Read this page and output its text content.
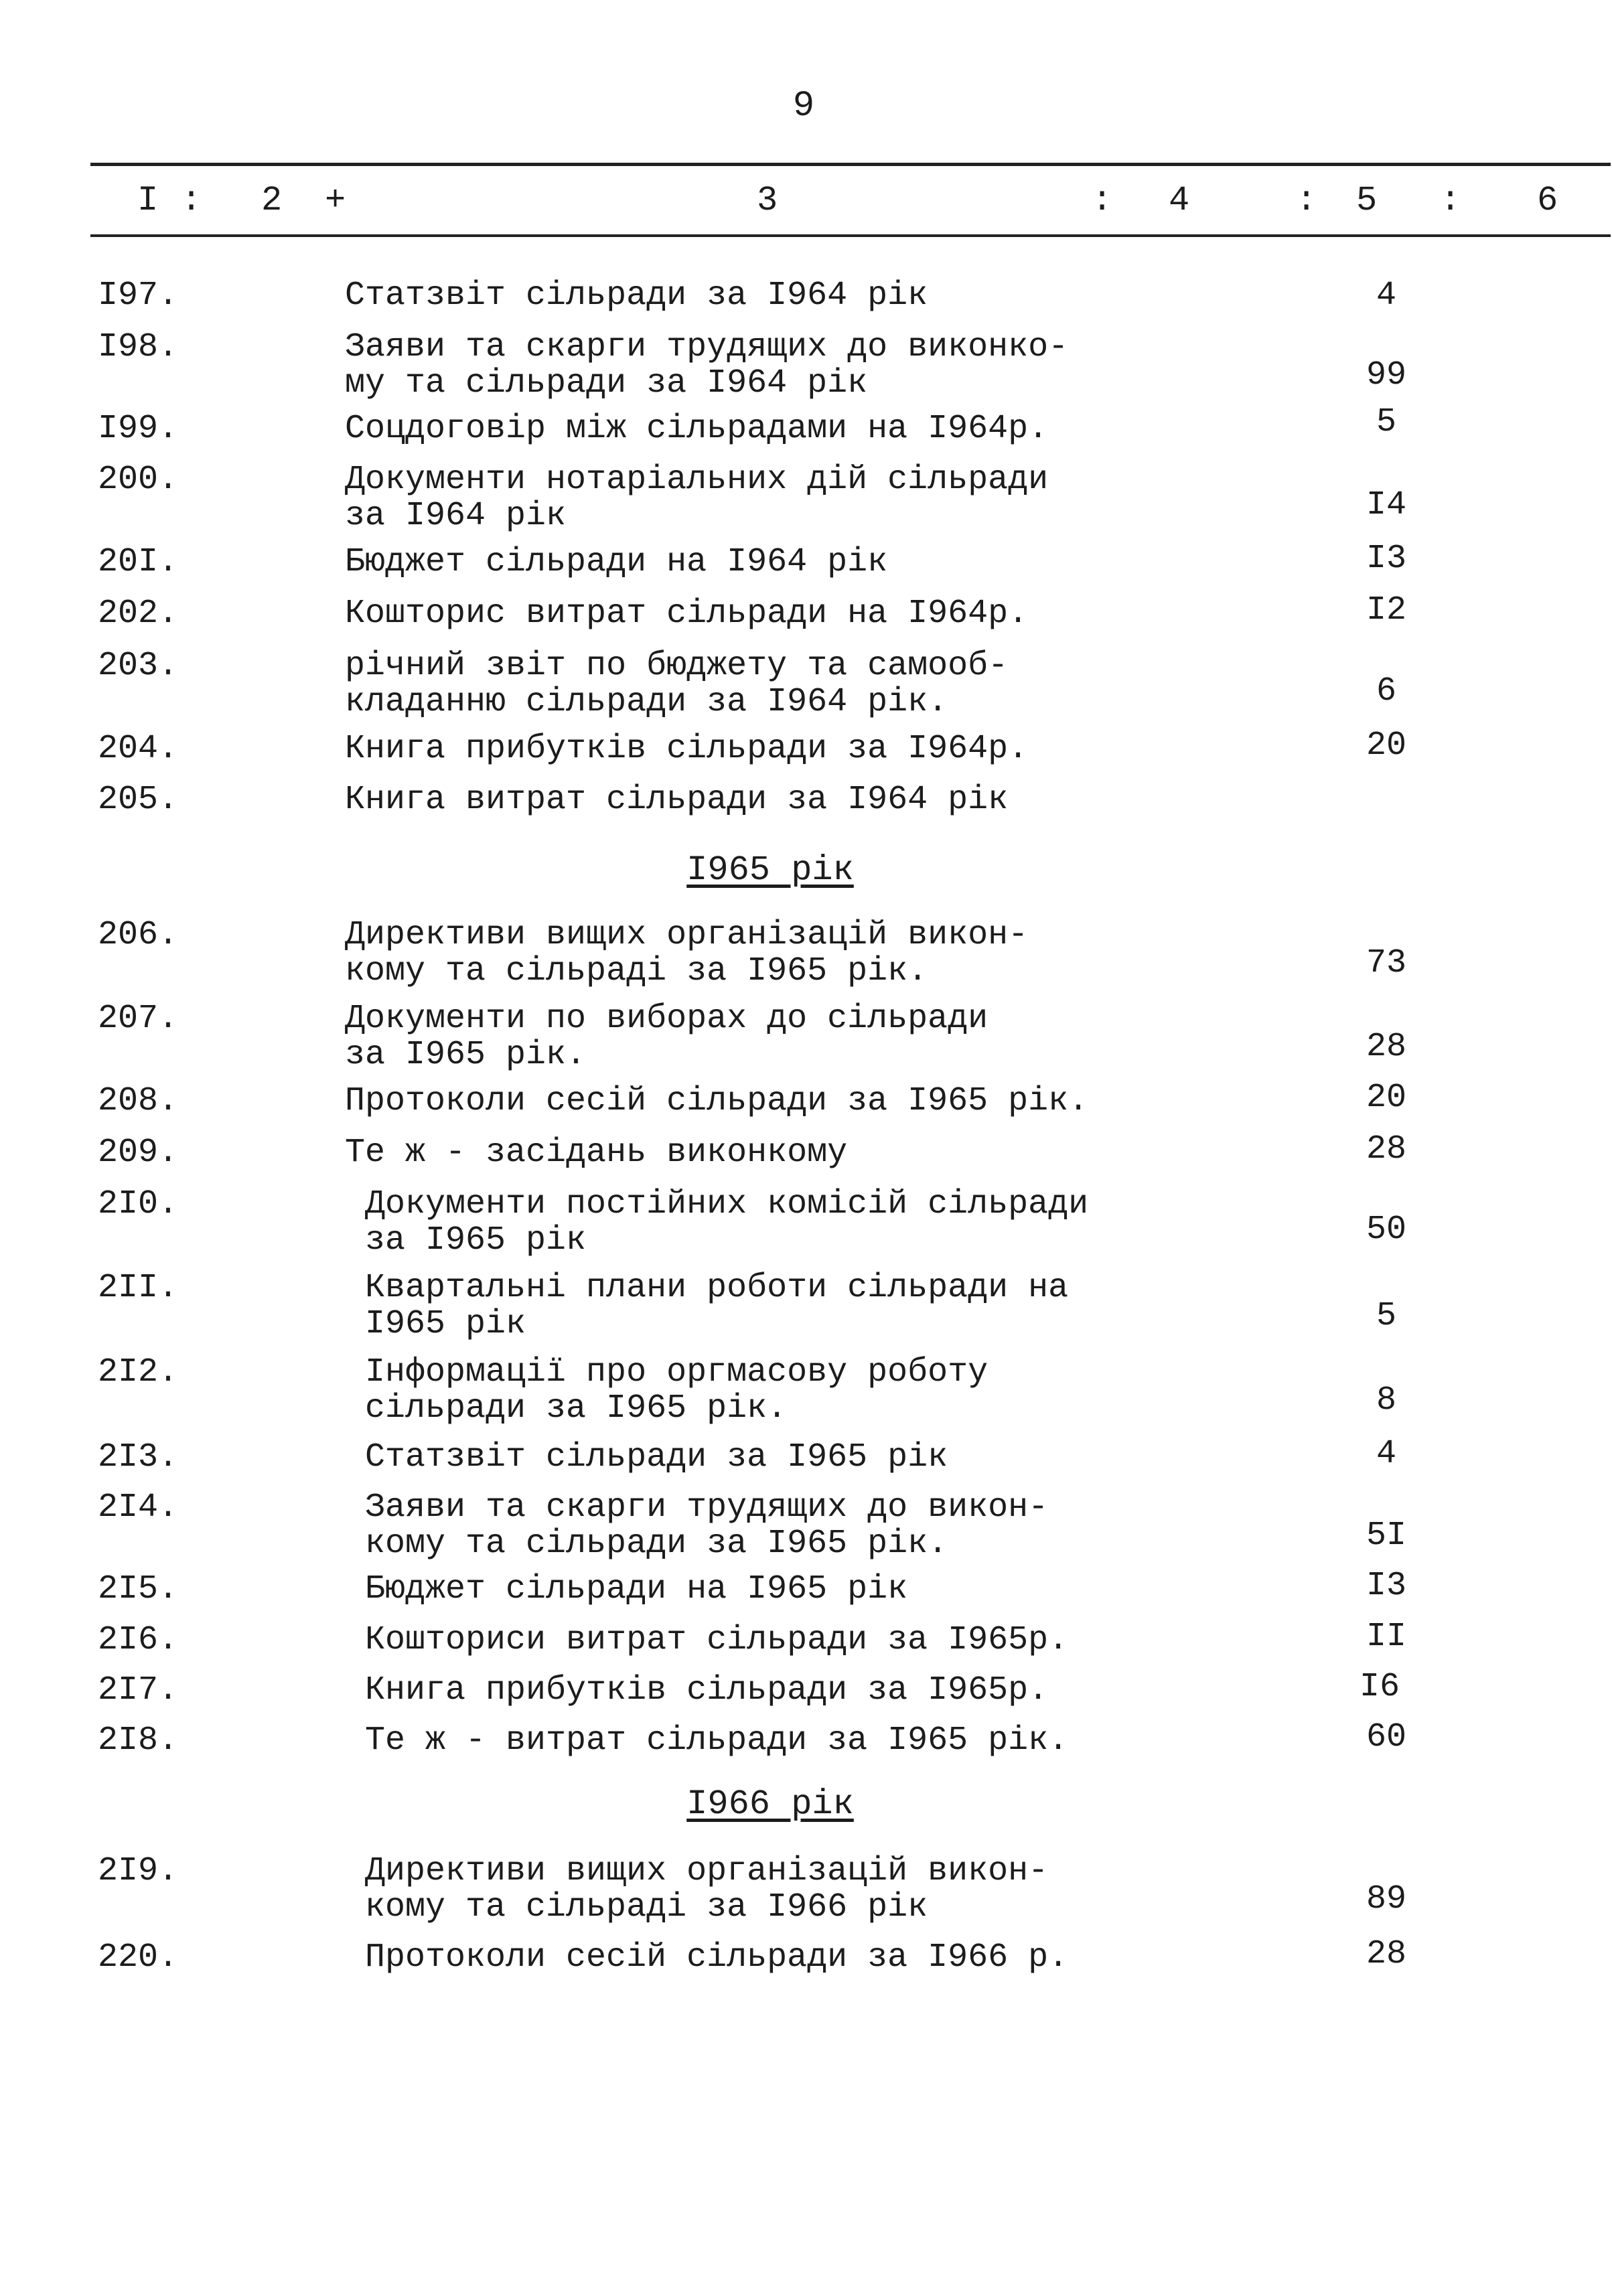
9
I : 2 +	3	: 4	: 5 : 6
I97.	Статзвіт сільради за I964 рік	4
I98.	Заяви та скарги трудящих до виконко-
му та сільради за I964 рік	99
I99.	Соцдоговір між сільрадами на I964р.	5
200.	Документи нотаріальних дій сільради
за I964 рік	I4
20I.	Бюджет сільради на I964 рік	I3
202.	Кошторис витрат сільради на I964р.	I2
203.	річний звіт по бюджету та самооб-
кладанню сільради за I964 рік.	6
204.	Книга прибутків сільради за I964р.	20
205.	Книга витрат сільради за I964 рік
I965 рік
206.	Директиви вищих організацій викон-
кому та сільраді за I965 рік.	73
207.	Документи по виборах до сільради
за I965 рік.	28
208.	Протоколи сесій сільради за I965 рік.	20
209.	Те ж - засідань виконкому	28
2I0.	Документи постійних комісій сільради
за I965 рік	50
2II.	Квартальні плани роботи сільради на
I965 рік	5
2I2.	Інформації про оргмасову роботу
сільради за I965 рік.	8
2I3.	Статзвіт сільради за I965 рік	4
2I4.	Заяви та скарги трудящих до викон-
кому та сільради за I965 рік.	5I
2I5.	Бюджет сільради на I965 рік	I3
2I6.	Кошториси витрат сільради за I965р.	II
2I7.	Книга прибутків сільради за I965р.	I6
2I8.	Те ж - витрат сільради за I965 рік.	60
I966 рік
2I9.	Директиви вищих організацій викон-
кому та сільраді за I966 рік	89
220.	Протоколи сесій сільради за I966 р.	28
